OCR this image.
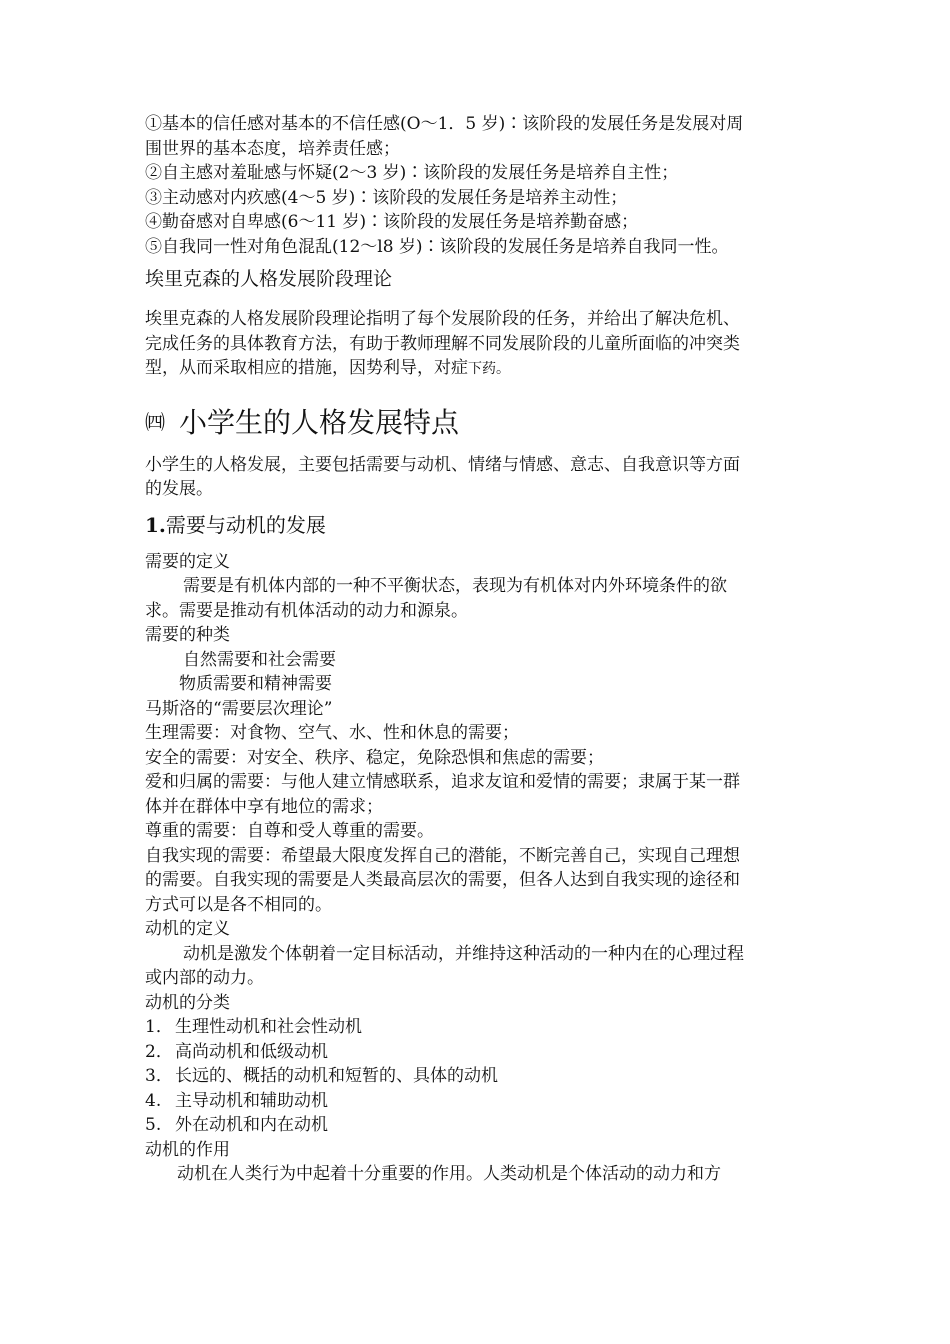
①基本的信任感对基本的不信任感(O～1．5 岁)∶该阶段的发展任务是发展对周

围世界的基本态度，培养责任感；

②自主感对羞耻感与怀疑(2～3 岁)∶该阶段的发展任务是培养自主性；

③主动感对内疚感(4～5 岁)∶该阶段的发展任务是培养主动性；

④勤奋感对自卑感(6～11 岁)∶该阶段的发展任务是培养勤奋感；

⑤自我同一性对角色混乱(12～l8 岁)∶该阶段的发展任务是培养自我同一性。

埃里克森的人格发展阶段理论

埃里克森的人格发展阶段理论指明了每个发展阶段的任务，并给出了解决危机、

完成任务的具体教育方法，有助于教师理解不同发展阶段的儿童所面临的冲突类

型，从而采取相应的措施，因势利导，对症下药。

㈣ 小学生的人格发展特点

小学生的人格发展，主要包括需要与动机、情绪与情感、意志、自我意识等方面

的发展。

1.需要与动机的发展

需要的定义

需要是有机体内部的一种不平衡状态，表现为有机体对内外环境条件的欲

求。需要是推动有机体活动的动力和源泉。

需要的种类

自然需要和社会需要

物质需要和精神需要

马斯洛的“需要层次理论”

生理需要：对食物、空气、水、性和休息的需要；

安全的需要：对安全、秩序、稳定，免除恐惧和焦虑的需要；

爱和归属的需要：与他人建立情感联系，追求友谊和爱情的需要；隶属于某一群

体并在群体中享有地位的需求；

尊重的需要：自尊和受人尊重的需要。

自我实现的需要：希望最大限度发挥自己的潜能，不断完善自己，实现自己理想

的需要。自我实现的需要是人类最高层次的需要，但各人达到自我实现的途径和

方式可以是各不相同的。

动机的定义

动机是激发个体朝着一定目标活动，并维持这种活动的一种内在的心理过程

或内部的动力。

动机的分类

1． 生理性动机和社会性动机

2． 高尚动机和低级动机

3． 长远的、概括的动机和短暂的、具体的动机

4. 主导动机和辅助动机

5. 外在动机和内在动机

动机的作用

动机在人类行为中起着十分重要的作用。人类动机是个体活动的动力和方
